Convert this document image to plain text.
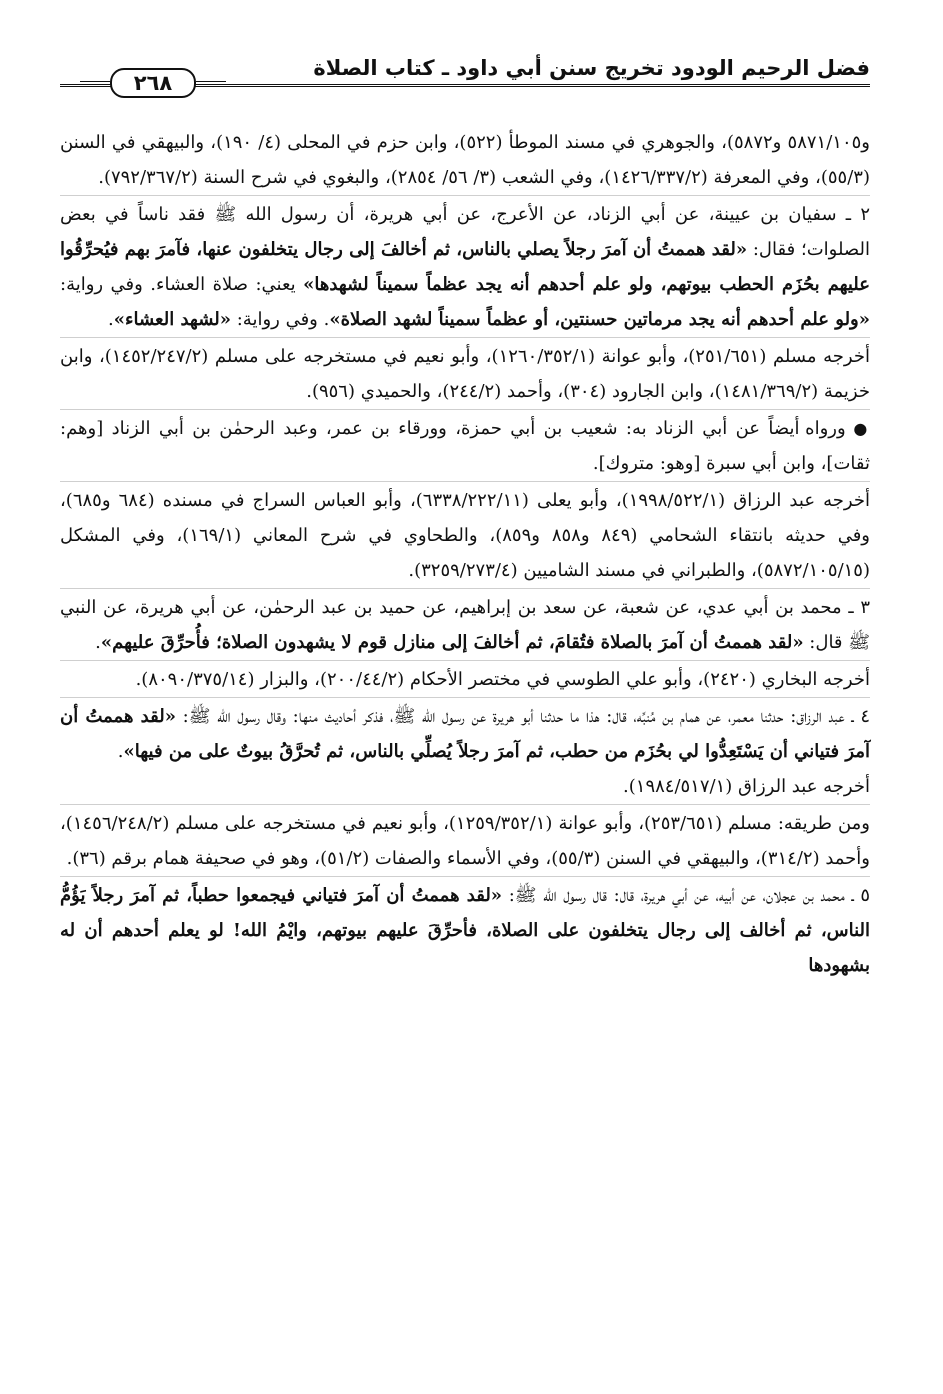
فضل الرحيم الودود تخريج سنن أبي داود ـ كتاب الصلاة
٢٦٨

و٥٨٧١/١٠٥ و٥٨٧٢)، والجوهري في مسند الموطأ (٥٢٢)، وابن حزم في المحلى (٤/ ١٩٠)، والبيهقي في السنن (٥٥/٣)، وفي المعرفة (١٤٢٦/٣٣٧/٢)، وفي الشعب (٣/ ٥٦/ ٢٨٥٤)، والبغوي في شرح السنة (٧٩٢/٣٦٧/٢).

٢ ـ سفيان بن عيينة، عن أبي الزناد، عن الأعرج، عن أبي هريرة، أن رسول الله ﷺ فقد ناساً في بعض الصلوات؛ فقال: «لقد هممتُ أن آمرَ رجلاً يصلي بالناس، ثم أخالفَ إلى رجال يتخلفون عنها، فآمرَ بهم فيُحرِّقُوا عليهم بحُزَم الحطب بيوتهم، ولو علم أحدهم أنه يجد عظماً سميناً لشهدها» يعني: صلاة العشاء. وفي رواية: «ولو علم أحدهم أنه يجد مرماتين حسنتين، أو عظماً سميناً لشهد الصلاة». وفي رواية: «لشهد العشاء».

أخرجه مسلم (٢٥١/٦٥١)، وأبو عوانة (١٢٦٠/٣٥٢/١)، وأبو نعيم في مستخرجه على مسلم (١٤٥٢/٢٤٧/٢)، وابن خزيمة (١٤٨١/٣٦٩/٢)، وابن الجارود (٣٠٤)، وأحمد (٢٤٤/٢)، والحميدي (٩٥٦).

● ورواه أيضاً عن أبي الزناد به: شعيب بن أبي حمزة، وورقاء بن عمر، وعبد الرحمٰن بن أبي الزناد [وهم: ثقات]، وابن أبي سبرة [وهو: متروك].

أخرجه عبد الرزاق (١٩٩٨/٥٢٢/١)، وأبو يعلى (٦٣٣٨/٢٢٢/١١)، وأبو العباس السراج في مسنده (٦٨٤ و٦٨٥)، وفي حديثه بانتقاء الشحامي (٨٤٩ و٨٥٨ و٨٥٩)، والطحاوي في شرح المعاني (١٦٩/١)، وفي المشكل (٥٨٧٢/١٠٥/١٥)، والطبراني في مسند الشاميين (٣٢٥٩/٢٧٣/٤).

٣ ـ محمد بن أبي عدي، عن شعبة، عن سعد بن إبراهيم، عن حميد بن عبد الرحمٰن، عن أبي هريرة، عن النبي ﷺ قال: «لقد هممتُ أن آمرَ بالصلاة فتُقامَ، ثم أخالفَ إلى منازل قوم لا يشهدون الصلاة؛ فأُحرِّقَ عليهم».

أخرجه البخاري (٢٤٢٠)، وأبو علي الطوسي في مختصر الأحكام (٢٠٠/٤٤/٢)، والبزار (٨٠٩٠/٣٧٥/١٤).

٤ ـ عبد الرزاق: حدثنا معمر، عن همام بن مُنبِّه، قال: هذا ما حدثنا أبو هريرة عن رسول الله ﷺ، فذكر أحاديث منها: وقال رسول الله ﷺ: «لقد هممتُ أن آمرَ فتياني أن يَسْتَعِدُّوا لي بحُزَم من حطب، ثم آمرَ رجلاً يُصلِّي بالناس، ثم تُحرَّقُ بيوتٌ على من فيها».

أخرجه عبد الرزاق (١٩٨٤/٥١٧/١).

ومن طريقه: مسلم (٢٥٣/٦٥١)، وأبو عوانة (١٢٥٩/٣٥٢/١)، وأبو نعيم في مستخرجه على مسلم (١٤٥٦/٢٤٨/٢)، وأحمد (٣١٤/٢)، والبيهقي في السنن (٥٥/٣)، وفي الأسماء والصفات (٥١/٢)، وهو في صحيفة همام برقم (٣٦).

٥ ـ محمد بن عجلان، عن أبيه، عن أبي هريرة، قال: قال رسول الله ﷺ: «لقد هممتُ أن آمرَ فتياني فيجمعوا حطباً، ثم آمرَ رجلاً يَؤُمُّ الناس، ثم أخالف إلى رجال يتخلفون على الصلاة، فأحرِّقَ عليهم بيوتهم، وايْمُ الله! لو يعلم أحدهم أن له بشهودها
